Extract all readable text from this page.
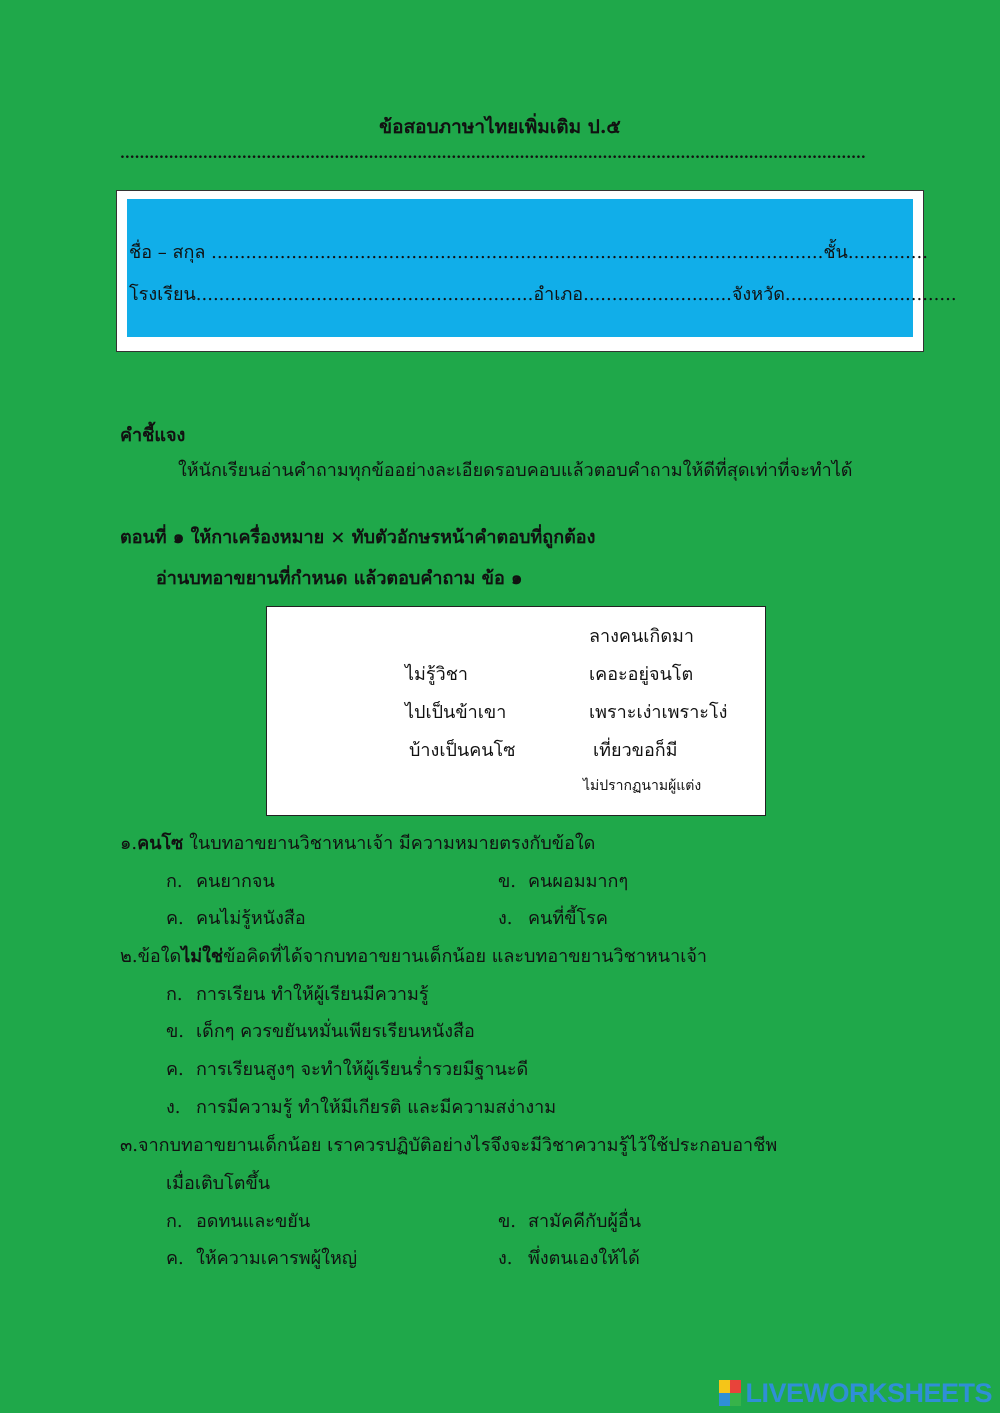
ข้อสอบภาษาไทยเพิ่มเติม ป.๕
.........................................................................................................................................................
ชื่อ – สกุล ...........................................................................................................ชั้น..............
โรงเรียน...........................................................อำเภอ..........................จังหวัด..............................
คำชี้แจง
ให้นักเรียนอ่านคำถามทุกข้ออย่างละเอียดรอบคอบแล้วตอบคำถามให้ดีที่สุดเท่าที่จะทำได้
ตอนที่ ๑ ให้กาเครื่องหมาย × ทับตัวอักษรหน้าคำตอบที่ถูกต้อง
อ่านบทอาขยานที่กำหนด แล้วตอบคำถาม ข้อ ๑
ลางคนเกิดมา
ไม่รู้วิชา	เคอะอยู่จนโต
ไปเป็นข้าเขา	เพราะเง่าเพราะโง่
บ้างเป็นคนโซ	เที่ยวขอก็มี
ไม่ปรากฏนามผู้แต่ง
๑.คนโซ ในบทอาขยานวิชาหนาเจ้า มีความหมายตรงกับข้อใด
ก. คนยากจน	ข. คนผอมมากๆ
ค. คนไม่รู้หนังสือ	ง. คนที่ขี้โรค
๒.ข้อใดไม่ใช่ข้อคิดที่ได้จากบทอาขยานเด็กน้อย และบทอาขยานวิชาหนาเจ้า
ก. การเรียน ทำให้ผู้เรียนมีความรู้
ข. เด็กๆ ควรขยันหมั่นเพียรเรียนหนังสือ
ค. การเรียนสูงๆ จะทำให้ผู้เรียนร่ำรวยมีฐานะดี
ง. การมีความรู้ ทำให้มีเกียรติ และมีความสง่างาม
๓.จากบทอาขยานเด็กน้อย เราควรปฏิบัติอย่างไรจึงจะมีวิชาความรู้ไว้ใช้ประกอบอาชีพ
เมื่อเติบโตขึ้น
ก. อดทนและขยัน	ข. สามัคคีกับผู้อื่น
ค. ให้ความเคารพผู้ใหญ่	ง. พึ่งตนเองให้ได้
LIVEWORKSHEETS
